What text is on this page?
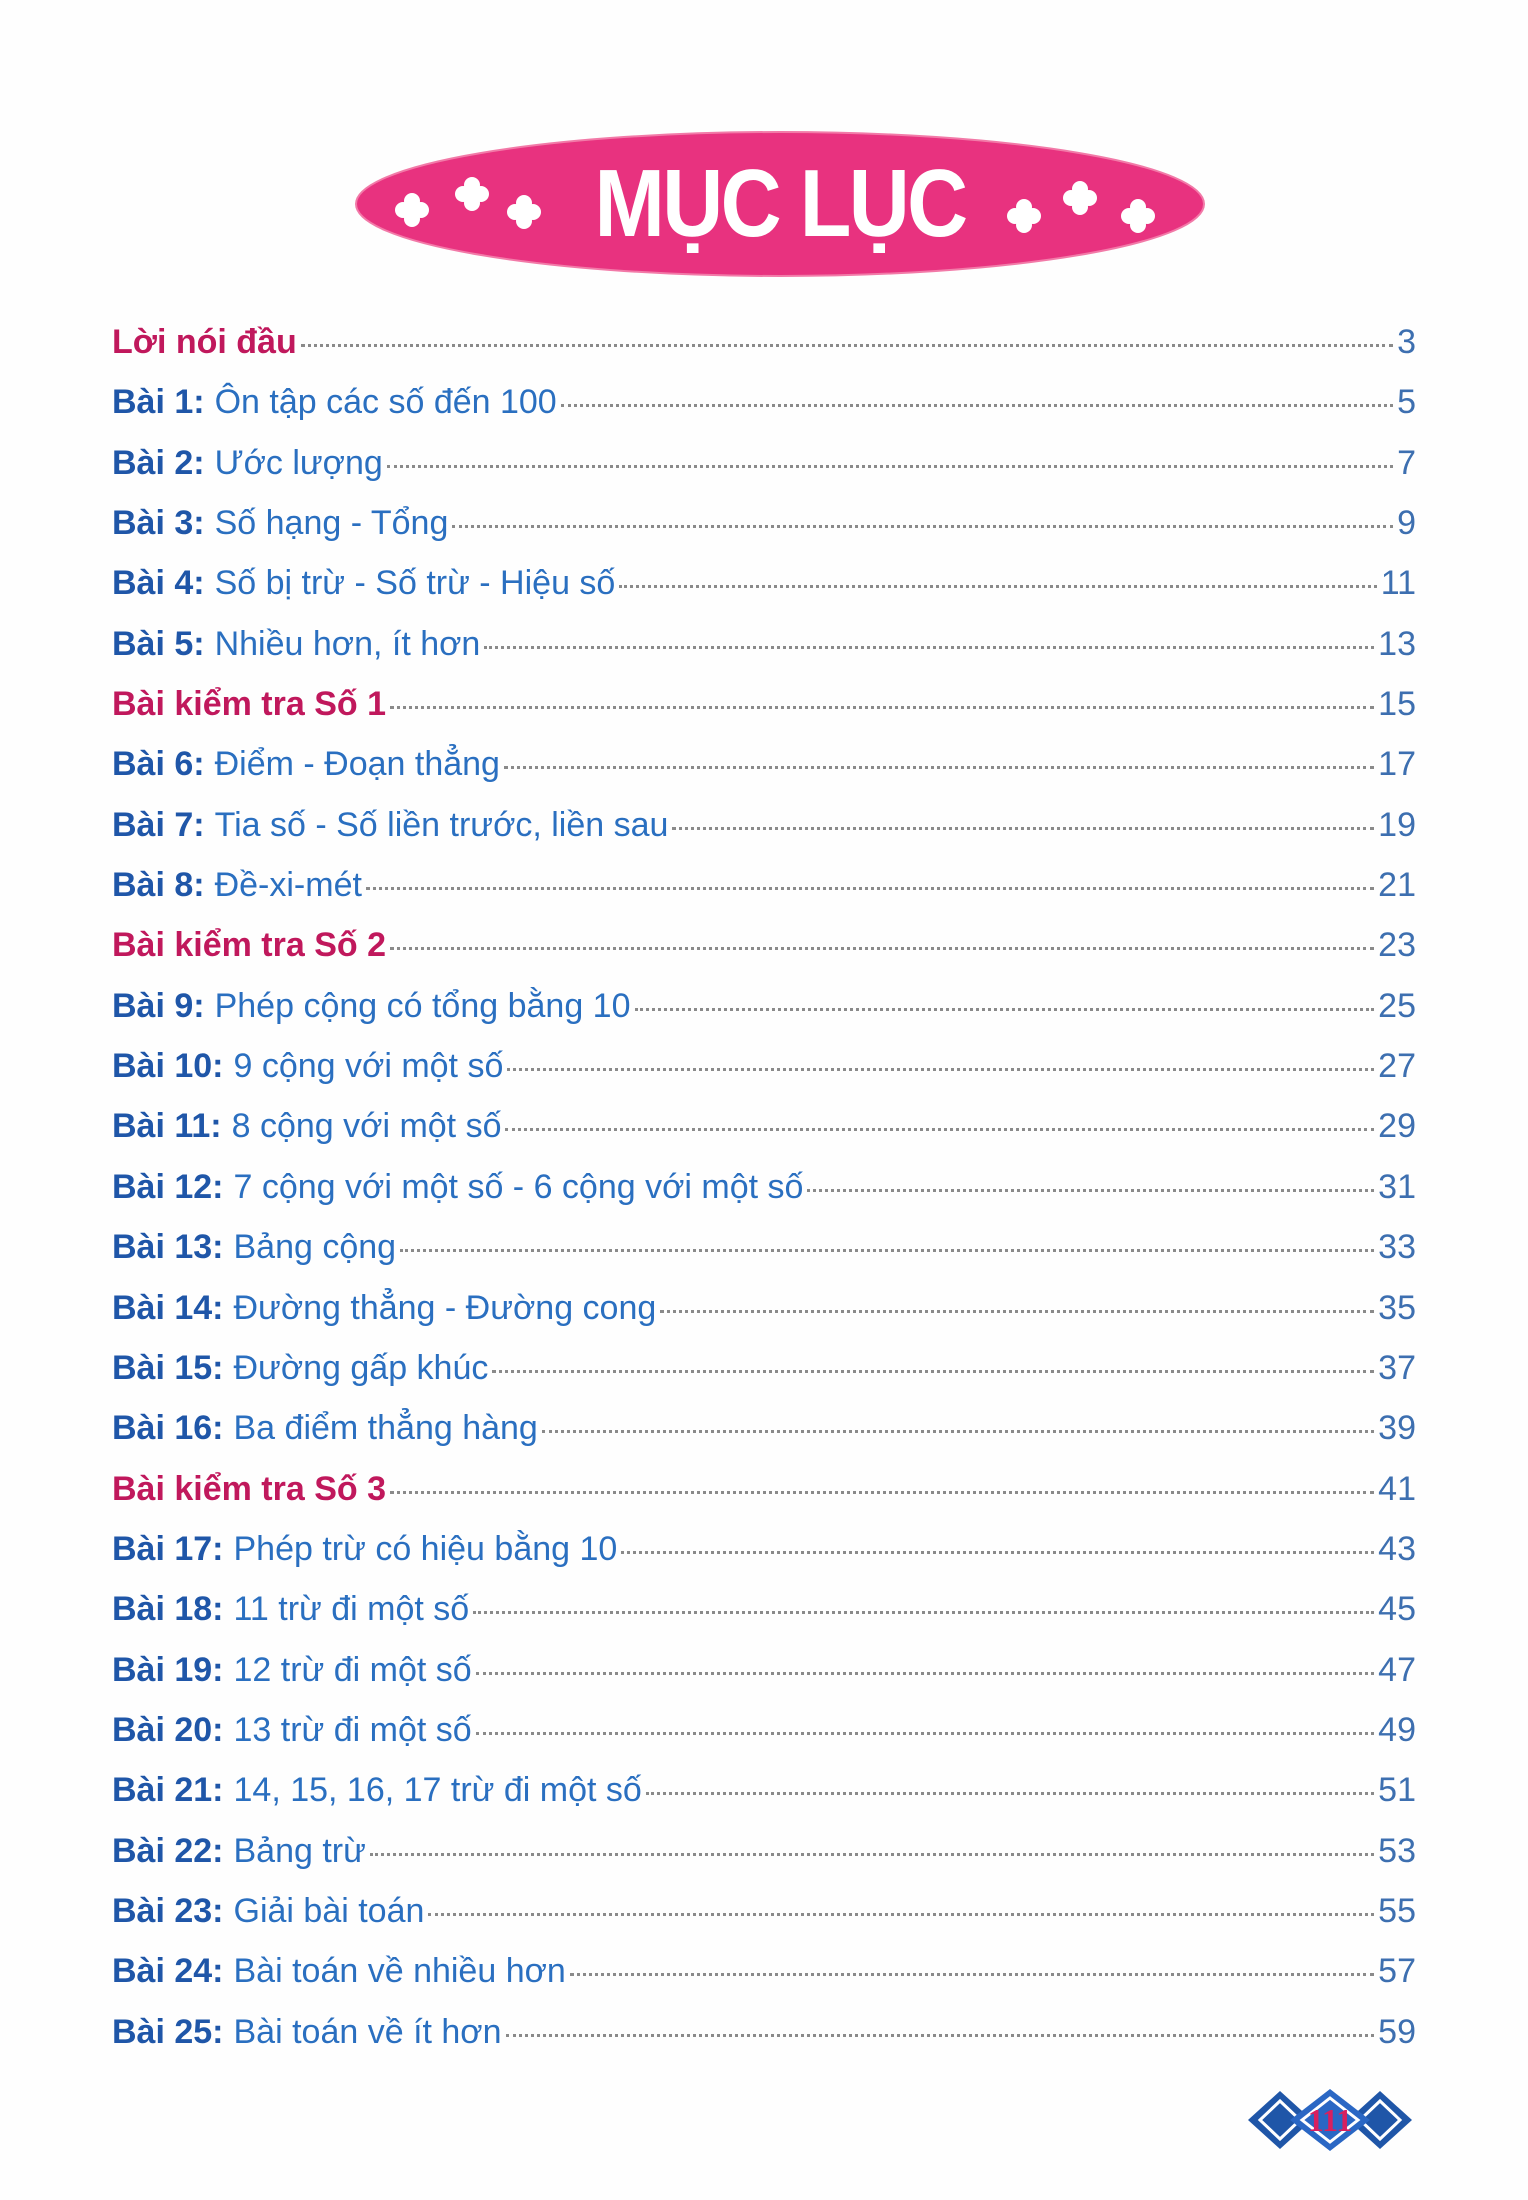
MỤC LỤC
Lời nói đầu	3
Bài 1: Ôn tập các số đến 100	5
Bài 2: Ước lượng	7
Bài 3: Số hạng - Tổng	9
Bài 4: Số bị trừ - Số trừ - Hiệu số	11
Bài 5: Nhiều hơn, ít hơn	13
Bài kiểm tra Số 1	15
Bài 6: Điểm - Đoạn thẳng	17
Bài 7: Tia số - Số liền trước, liền sau	19
Bài 8: Đề-xi-mét	21
Bài kiểm tra Số 2	23
Bài 9: Phép cộng có tổng bằng 10	25
Bài 10: 9 cộng với một số	27
Bài 11: 8 cộng với một số	29
Bài 12: 7 cộng với một số - 6 cộng với một số	31
Bài 13: Bảng cộng	33
Bài 14: Đường thẳng - Đường cong	35
Bài 15: Đường gấp khúc	37
Bài 16: Ba điểm thẳng hàng	39
Bài kiểm tra Số 3	41
Bài 17: Phép trừ có hiệu bằng 10	43
Bài 18: 11 trừ đi một số	45
Bài 19: 12 trừ đi một số	47
Bài 20: 13 trừ đi một số	49
Bài 21: 14, 15, 16, 17 trừ đi một số	51
Bài 22: Bảng trừ	53
Bài 23: Giải bài toán	55
Bài 24: Bài toán về nhiều hơn	57
Bài 25: Bài toán về ít hơn	59
111
